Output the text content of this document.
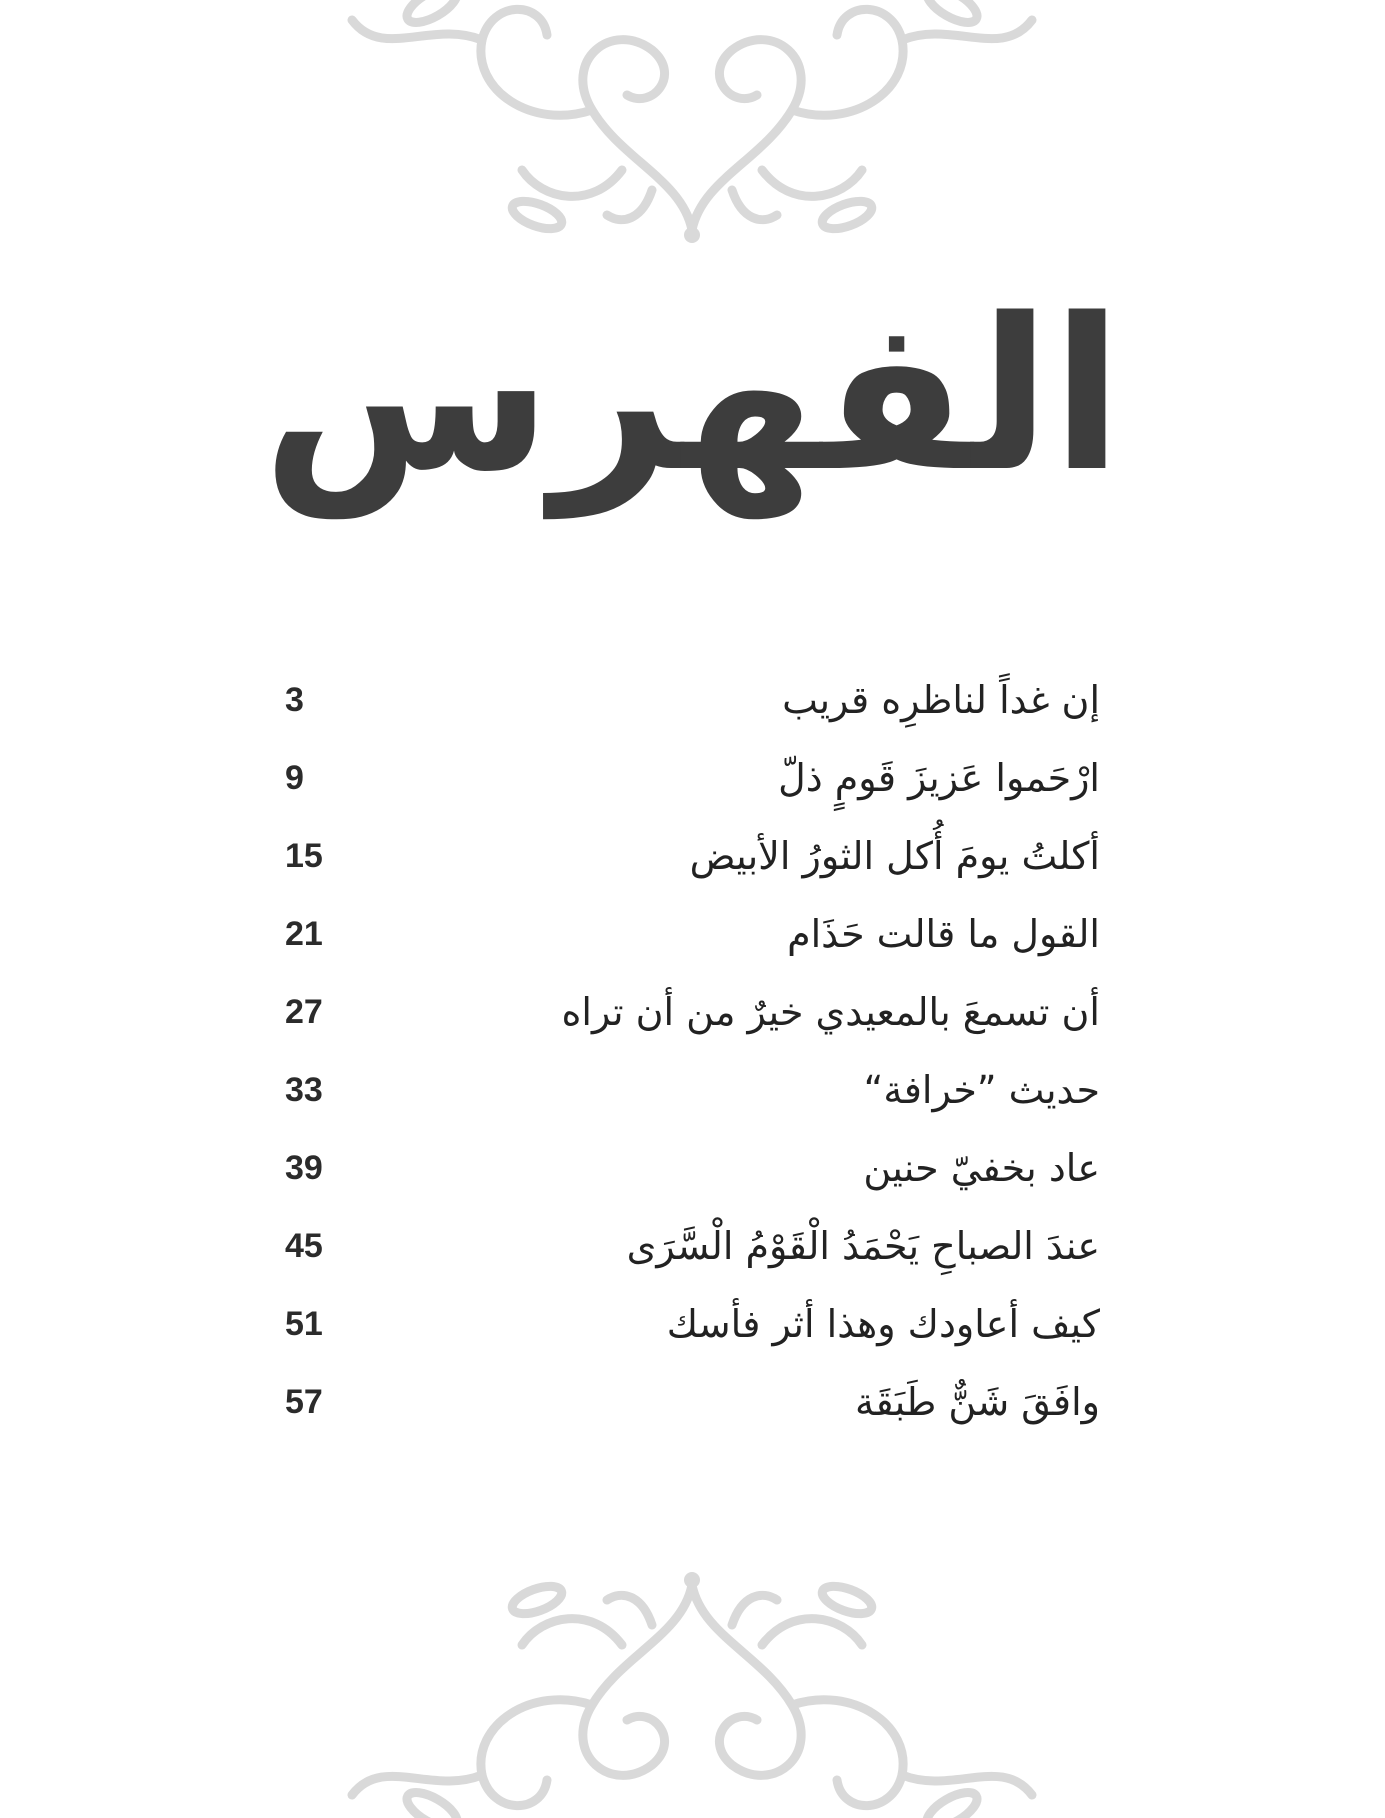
الفهرس
إن غداً لناظرِه قريب
3
ارْحَموا عَزيزَ قَومٍ ذلّ
9
أكلتُ يومَ أُكل الثورُ الأبيض
15
القول ما قالت حَذَام
21
أن تسمعَ بالمعيدي خيرٌ من أن تراه
27
حديث ”خرافة“
33
عاد بخفيّ حنين
39
عندَ الصباحِ يَحْمَدُ الْقَوْمُ الْسَّرَى
45
كيف أعاودك وهذا أثر فأسك
51
وافَقَ شَنٌّ طَبَقَة
57
